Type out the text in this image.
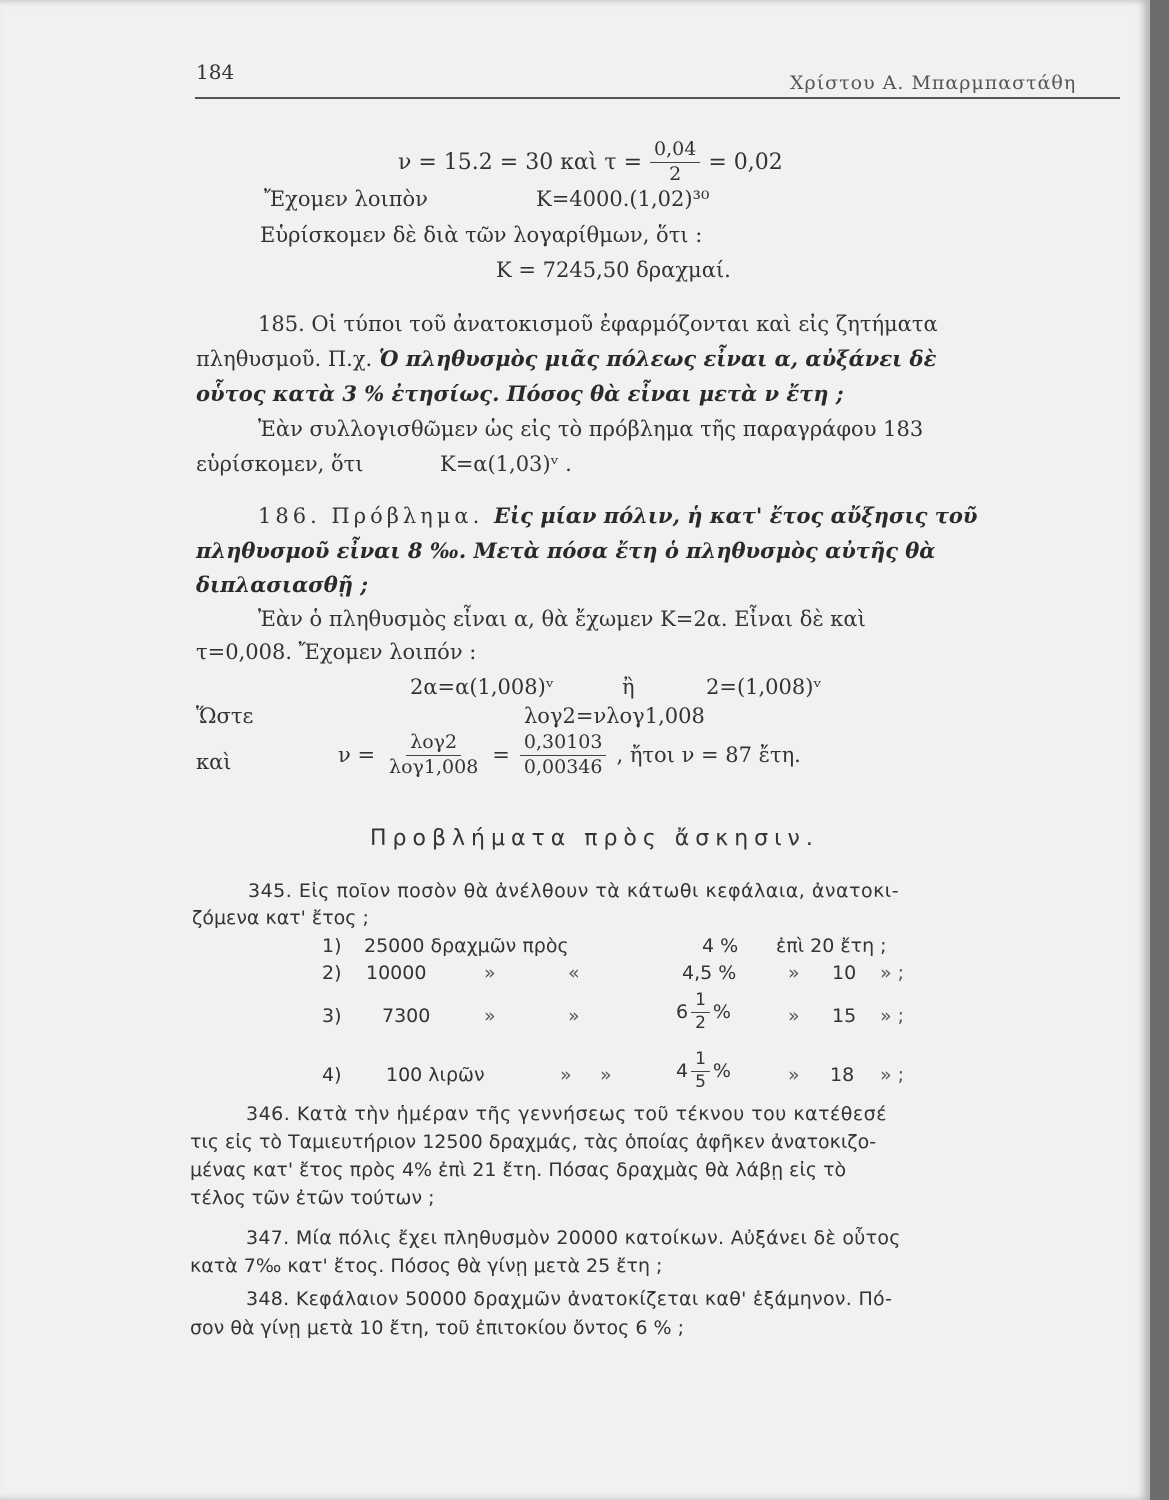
184	Χρίστου Α. Μπαρμπαστάθη
ν = 15.2 = 30 καὶ $\tau = \frac{0,04}{2} = 0,02$
Ἔχομεν λοιπὸν	K=4000.(1,02)³⁰
Εὑρίσκομεν δὲ διὰ τῶν λογαρίθμων, ὅτι :
K = 7245,50 δραχμαί.
185. Οἱ τύποι τοῦ ἀνατοκισμοῦ ἐφαρμόζονται καὶ εἰς ζητήματα
πληθυσμοῦ. Π.χ. Ὁ πληθυσμὸς μιᾶς πόλεως εἶναι α, αὐξάνει δὲ
οὗτος κατὰ 3 % ἐτησίως. Πόσος θὰ εἶναι μετὰ ν ἔτη ;
Ἐὰν συλλογισθῶμεν ὡς εἰς τὸ πρόβλημα τῆς παραγράφου 183
εὑρίσκομεν, ὅτι	K=α(1,03)ᵛ .
186. Πρόβλημα. Εἰς μίαν πόλιν, ἡ κατ' ἔτος αὔξησις τοῦ
πληθυσμοῦ εἶναι 8 ‰. Μετὰ πόσα ἔτη ὁ πληθυσμὸς αὐτῆς θὰ
διπλασιασθῇ ;
Ἐὰν ὁ πληθυσμὸς εἶναι α, θὰ ἔχωμεν K=2α. Εἶναι δὲ καὶ
τ=0,008. Ἔχομεν λοιπόν :
2α=α(1,008)ᵛ	ἢ	2=(1,008)ᵛ
Ὥστε	λογ2=νλογ1,008
καὶ	$\nu = \frac{\text{λογ2}}{\text{λογ1,008}} = \frac{0,30103}{0,00346}$ , ἤτοι ν = 87 ἔτη.
Προβλήματα πρὸς ἄσκησιν.
345. Εἰς ποῖον ποσὸν θὰ ἀνέλθουν τὰ κάτωθι κεφάλαια, ἀνατοκι-
ζόμενα κατ' ἔτος ;
1) 25000 δραχμῶν πρὸς	4 % ἐπὶ 20 ἔτη ;
2) 10000	»	«	4,5 %	» 10 » ;
3) 7300	»	»	$6 \frac{1}{2}$ %	» 15 » ;
4) 100 λιρῶν	» »	$4 \frac{1}{5}$ %	» 18 » ;
346. Κατὰ τὴν ἡμέραν τῆς γεννήσεως τοῦ τέκνου του κατέθεσέ
τις εἰς τὸ Ταμιευτήριον 12500 δραχμάς, τὰς ὁποίας ἀφῆκεν ἀνατοκιζο-
μένας κατ' ἔτος πρὸς 4% ἐπὶ 21 ἔτη. Πόσας δραχμὰς θὰ λάβῃ εἰς τὸ
τέλος τῶν ἐτῶν τούτων ;
347. Μία πόλις ἔχει πληθυσμὸν 20000 κατοίκων. Αὐξάνει δὲ οὗτος
κατὰ 7‰ κατ' ἔτος. Πόσος θὰ γίνῃ μετὰ 25 ἔτη ;
348. Κεφάλαιον 50000 δραχμῶν ἀνατοκίζεται καθ' ἑξάμηνον. Πό-
σον θὰ γίνῃ μετὰ 10 ἔτη, τοῦ ἐπιτοκίου ὄντος 6 % ;
